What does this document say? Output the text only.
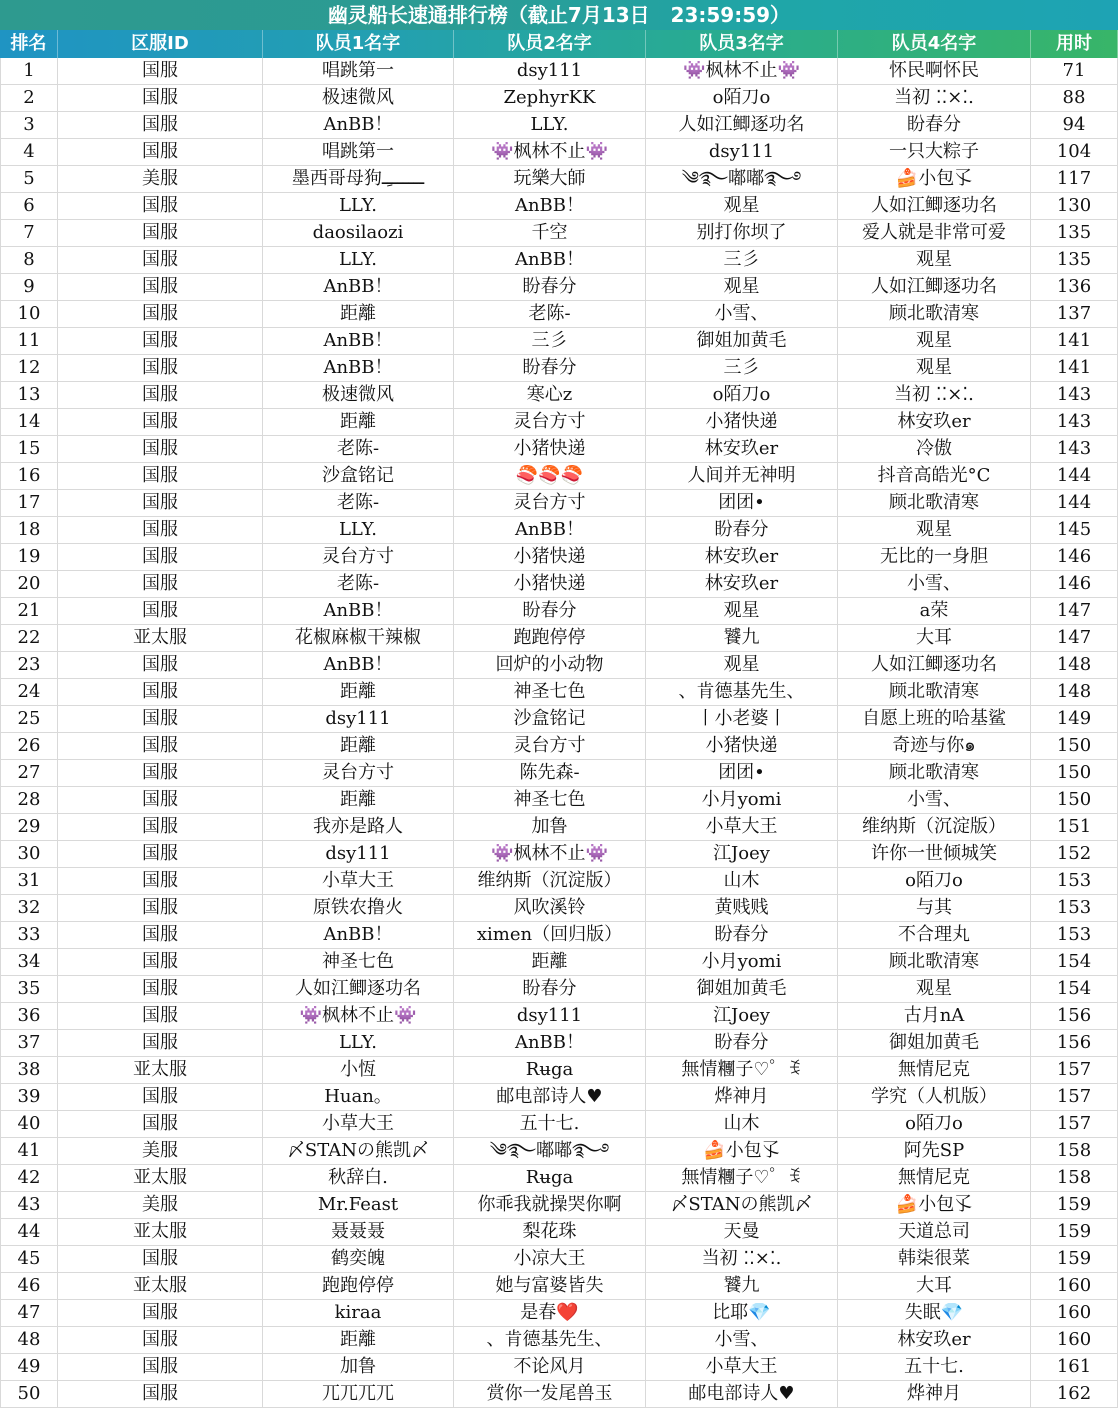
幽灵船长速通排行榜（截止7月13日   23:59:59）
排名	区服ID	队员1名字	队员2名字	队员3名字	队员4名字	用时
1	国服	唱跳第一	dsy111	👾枫林不止👾	怀民啊怀民	71
2	国服	极速微风	ZephyrKK	o陌刀o	当初 ⁚⁚×⁚.	88
3	国服	AnBB！	LLY.	人如江鲫逐功名	盼春分	94
4	国服	唱跳第一	👾枫林不止👾	dsy111	一只大粽子	104
5	美服	墨西哥母狗ـــــــِـ	玩樂大師	༄࿐嘟嘟࿐࿔	🍰小包孓	117
6	国服	LLY.	AnBB！	观星	人如江鲫逐功名	130
7	国服	daosilaozi	千空	别打你坝了	爱人就是非常可爱	135
8	国服	LLY.	AnBB！	三彡	观星	135
9	国服	AnBB！	盼春分	观星	人如江鲫逐功名	136
10	国服	距離	老陈-	小雪、	顾北歌清寒	137
11	国服	AnBB！	三彡	御姐加黄毛	观星	141
12	国服	AnBB！	盼春分	三彡	观星	141
13	国服	极速微风	寒心z	o陌刀o	当初 ⁚⁚×⁚.	143
14	国服	距離	灵台方寸	小猪快递	林安玖er	143
15	国服	老陈-	小猪快递	林安玖er	冷傲	143
16	国服	沙盒铭记	🍣🍣🍣	人间并无神明	抖音高皓光°C	144
17	国服	老陈-	灵台方寸	团团•	顾北歌清寒	144
18	国服	LLY.	AnBB！	盼春分	观星	145
19	国服	灵台方寸	小猪快递	林安玖er	无比的一身胆	146
20	国服	老陈-	小猪快递	林安玖er	小雪、	146
21	国服	AnBB！	盼春分	观星	a荣	147
22	亚太服	花椒麻椒干辣椒	跑跑停停	饕九	大耳	147
23	国服	AnBB！	回炉的小动物	观星	人如江鲫逐功名	148
24	国服	距離	神圣七色	、肯德基先生、	顾北歌清寒	148
25	国服	dsy111	沙盒铭记	丨小老婆丨	自愿上班的哈基鲨	149
26	国服	距離	灵台方寸	小猪快递	奇迹与你๑	150
27	国服	灵台方寸	陈先森-	团团•	顾北歌清寒	150
28	国服	距離	神圣七色	小月yomi	小雪、	150
29	国服	我亦是路人	加鲁	小草大王	维纳斯（沉淀版）	151
30	国服	dsy111	👾枫林不止👾	江Joey	许你一世倾城笑	152
31	国服	小草大王	维纳斯（沉淀版）	山木	o陌刀o	153
32	国服	原铁农撸火	风吹溪铃	黄贱贱	与其	153
33	国服	AnBB！	ximen（回归版）	盼春分	不合理丸	153
34	国服	神圣七色	距離	小月yomi	顾北歌清寒	154
35	国服	人如江鲫逐功名	盼春分	御姐加黄毛	观星	154
36	国服	👾枫林不止👾	dsy111	江Joey	古月nA	156
37	国服	LLY.	AnBB！	盼春分	御姐加黄毛	156
38	亚太服	小恆	Rʉga	無情糰子♡゜ꉂ	無情尼克	157
39	国服	Huan。	邮电部诗人♥	烨神月	学究（人机版）	157
40	国服	小草大王	五十七.	山木	o陌刀o	157
41	美服	〆STANの熊凯〆	༄࿐嘟嘟࿐࿔	🍰小包孓	阿先SP	158
42	亚太服	秋辞白.	Rʉga	無情糰子♡゜ꉂ	無情尼克	158
43	美服	Mr.Feast	你乖我就操哭你啊	〆STANの熊凯〆	🍰小包孓	159
44	亚太服	聂聂聂	梨花珠	天曼	天道总司	159
45	国服	鹤奕魄	小凉大王	当初 ⁚⁚×⁚.	韩柒很菜	159
46	亚太服	跑跑停停	她与富婆皆失	饕九	大耳	160
47	国服	kiraa	是春❤️	比耶💎	失眠💎	160
48	国服	距離	、肯德基先生、	小雪、	林安玖er	160
49	国服	加鲁	不论风月	小草大王	五十七.	161
50	国服	兀兀兀兀	赏你一发尾兽玉	邮电部诗人♥	烨神月	162
